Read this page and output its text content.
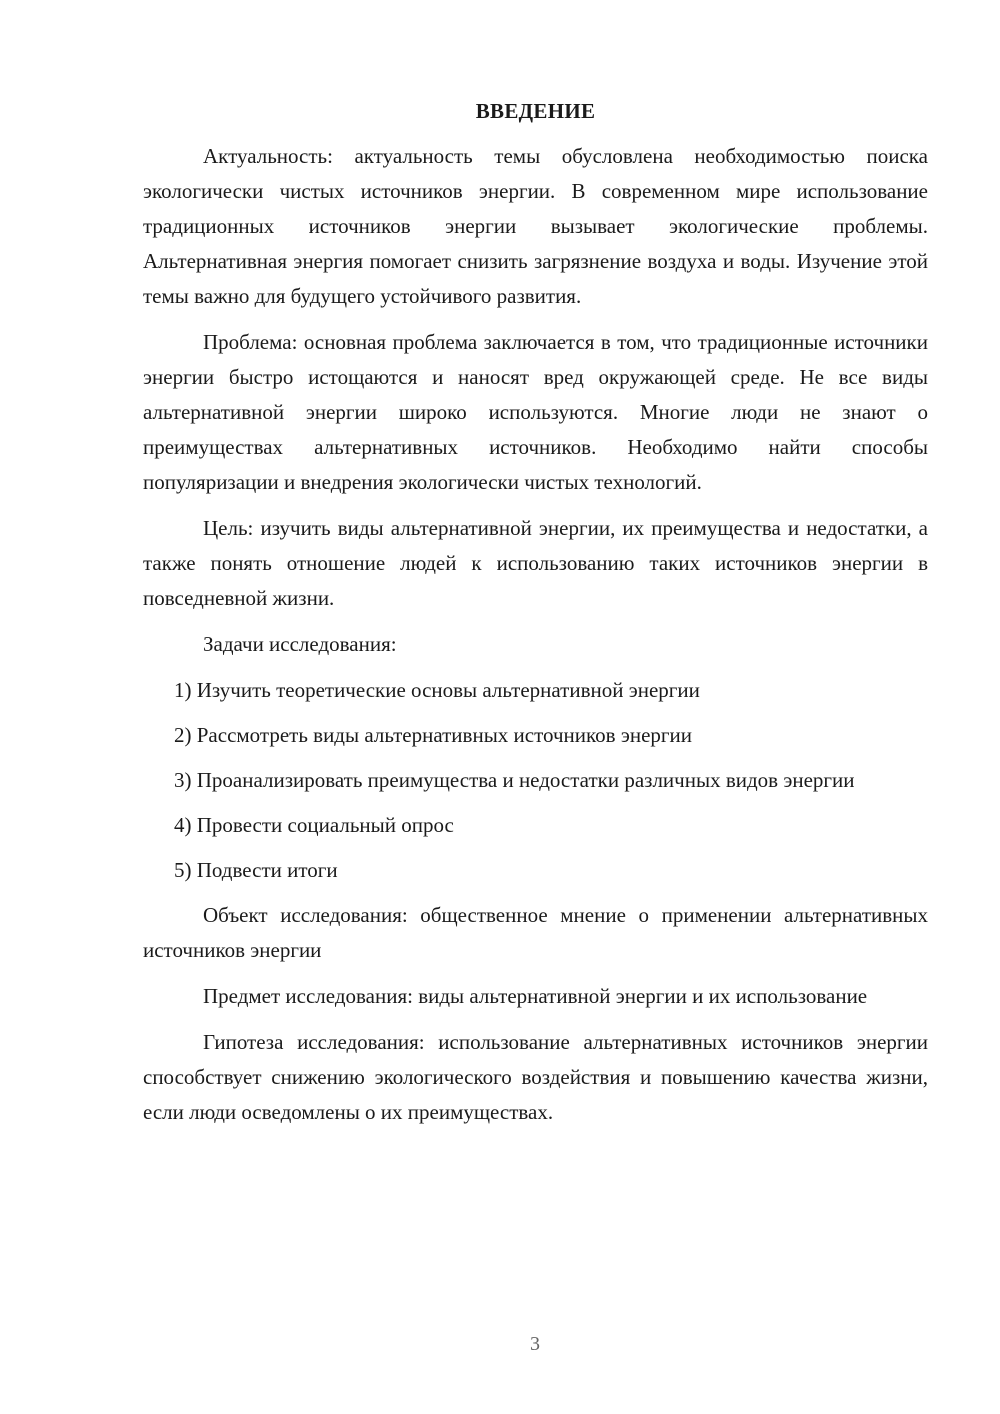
ВВЕДЕНИЕ

Актуальность: актуальность темы обусловлена необходимостью поиска экологически чистых источников энергии. В современном мире использование традиционных источников энергии вызывает экологические проблемы. Альтернативная энергия помогает снизить загрязнение воздуха и воды. Изучение этой темы важно для будущего устойчивого развития.

Проблема: основная проблема заключается в том, что традиционные источники энергии быстро истощаются и наносят вред окружающей среде. Не все виды альтернативной энергии широко используются. Многие люди не знают о преимуществах альтернативных источников. Необходимо найти способы популяризации и внедрения экологически чистых технологий.

Цель: изучить виды альтернативной энергии, их преимущества и недостатки, а также понять отношение людей к использованию таких источников энергии в повседневной жизни.

Задачи исследования:

1) Изучить теоретические основы альтернативной энергии

2) Рассмотреть виды альтернативных источников энергии

3) Проанализировать преимущества и недостатки различных видов энергии

4) Провести социальный опрос

5) Подвести итоги

Объект исследования: общественное мнение о применении альтернативных источников энергии

Предмет исследования: виды альтернативной энергии и их использование

Гипотеза исследования: использование альтернативных источников энергии способствует снижению экологического воздействия и повышению качества жизни, если люди осведомлены о их преимуществах.

3
